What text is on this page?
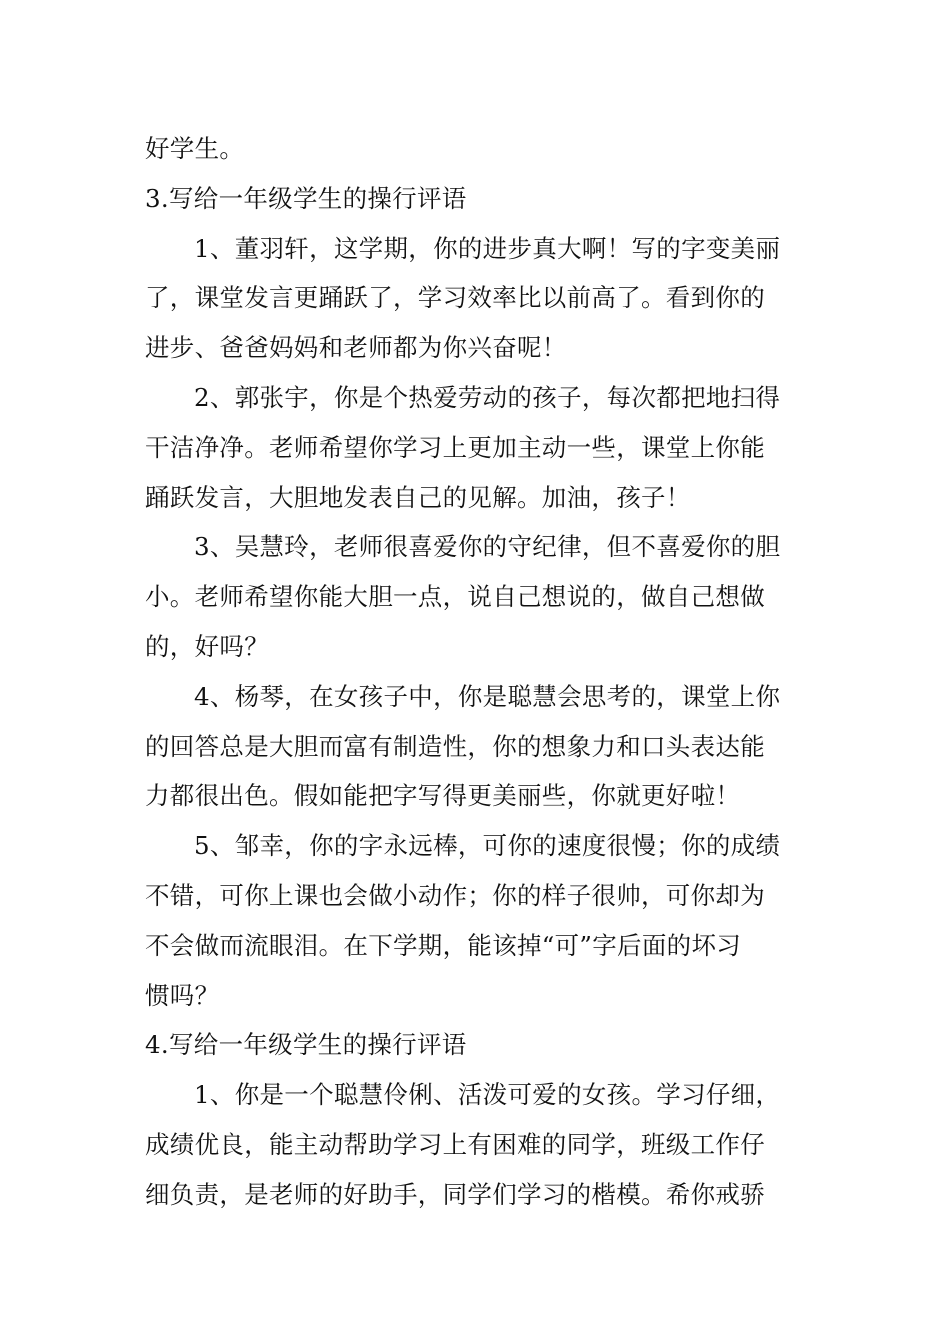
好学生。
3.写给一年级学生的操行评语
1、董羽轩，这学期，你的进步真大啊！写的字变美丽
了，课堂发言更踊跃了，学习效率比以前高了。看到你的
进步、爸爸妈妈和老师都为你兴奋呢！
2、郭张宇，你是个热爱劳动的孩子，每次都把地扫得
干洁净净。老师希望你学习上更加主动一些，课堂上你能
踊跃发言，大胆地发表自己的见解。加油，孩子！
3、吴慧玲，老师很喜爱你的守纪律，但不喜爱你的胆
小。老师希望你能大胆一点，说自己想说的，做自己想做
的，好吗？
4、杨琴，在女孩子中，你是聪慧会思考的，课堂上你
的回答总是大胆而富有制造性，你的想象力和口头表达能
力都很出色。假如能把字写得更美丽些，你就更好啦！
5、邹幸，你的字永远棒，可你的速度很慢；你的成绩
不错，可你上课也会做小动作；你的样子很帅，可你却为
不会做而流眼泪。在下学期，能该掉“可”字后面的坏习
惯吗？
4.写给一年级学生的操行评语
1、你是一个聪慧伶俐、活泼可爱的女孩。学习仔细，
成绩优良，能主动帮助学习上有困难的同学，班级工作仔
细负责，是老师的好助手，同学们学习的楷模。希你戒骄
